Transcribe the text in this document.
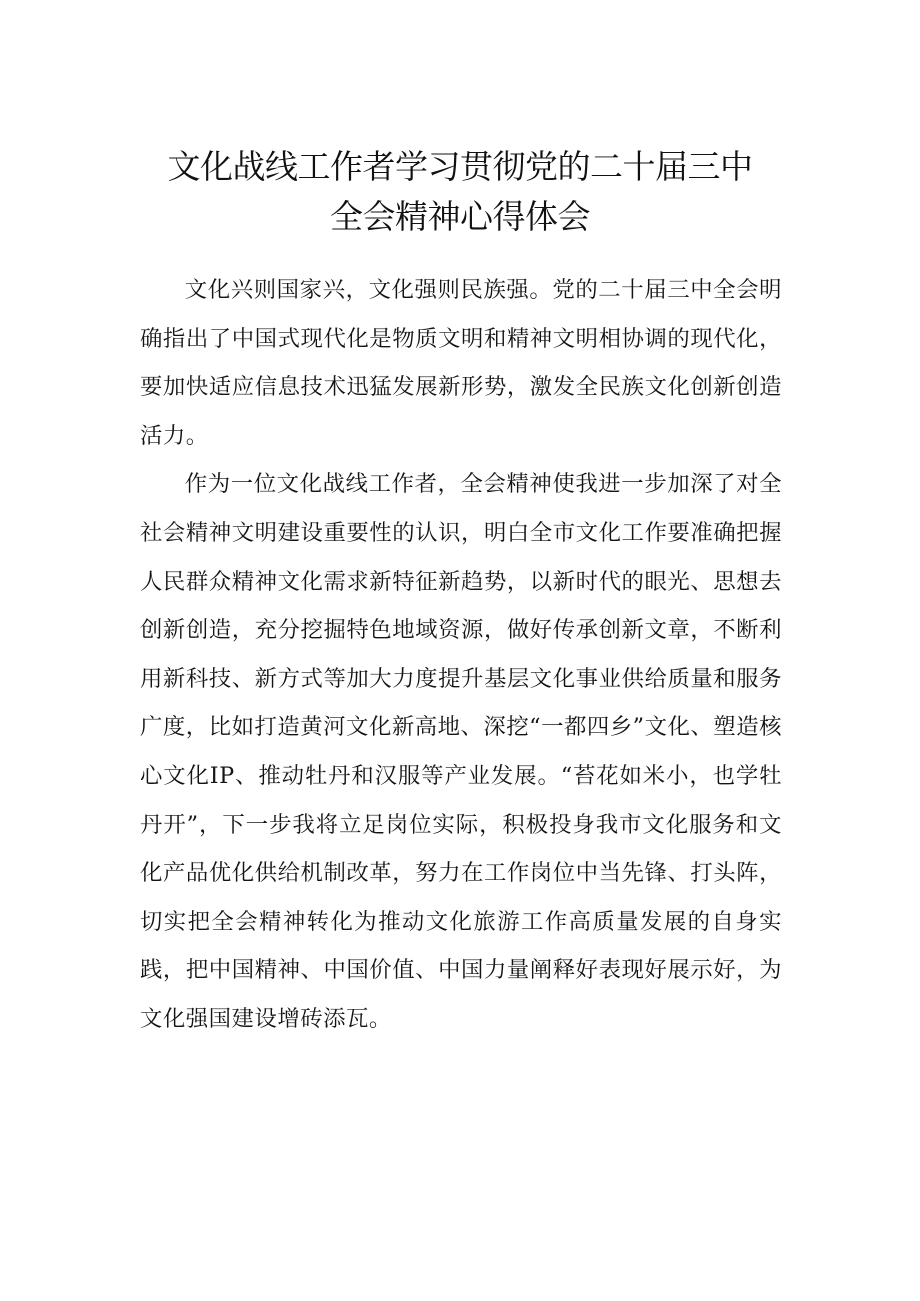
文化战线工作者学习贯彻党的二十届三中
全会精神心得体会

文化兴则国家兴，文化强则民族强。党的二十届三中全会明确指出了中国式现代化是物质文明和精神文明相协调的现代化，要加快适应信息技术迅猛发展新形势，激发全民族文化创新创造活力。

作为一位文化战线工作者，全会精神使我进一步加深了对全社会精神文明建设重要性的认识，明白全市文化工作要准确把握人民群众精神文化需求新特征新趋势，以新时代的眼光、思想去创新创造，充分挖掘特色地域资源，做好传承创新文章，不断利用新科技、新方式等加大力度提升基层文化事业供给质量和服务广度，比如打造黄河文化新高地、深挖“一都四乡”文化、塑造核心文化IP、推动牡丹和汉服等产业发展。“苔花如米小，也学牡丹开”，下一步我将立足岗位实际，积极投身我市文化服务和文化产品优化供给机制改革，努力在工作岗位中当先锋、打头阵，切实把全会精神转化为推动文化旅游工作高质量发展的自身实践，把中国精神、中国价值、中国力量阐释好表现好展示好，为文化强国建设增砖添瓦。
